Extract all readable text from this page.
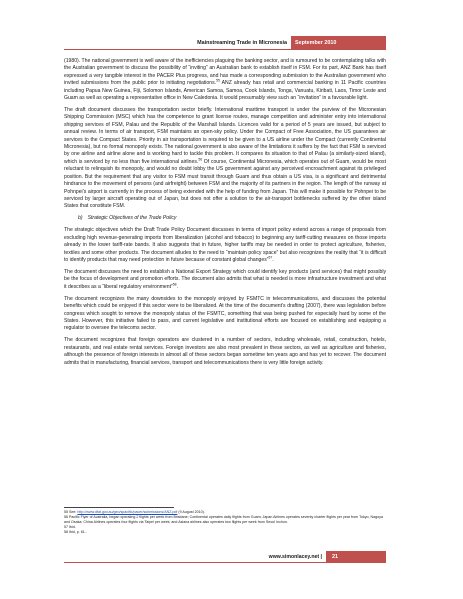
Mainstreaming Trade in Micronesia	September 2010

(1980). The national government is well aware of the inefficiencies plaguing the banking sector, and is rumoured to be contemplating talks with the Australian government to discuss the possibility of “inviting” an Australian bank to establish itself in FSM. For its part, ANZ Bank has itself expressed a very tangible interest in the PACER Plus progress, and has made a corresponding submission to the Australian government who invited submissions from the public prior to initiating negotiations.$^{55}$ ANZ already has retail and commercial banking in 11 Pacific countries including Papua New Guinea, Fiji, Solomon Islands, American Samoa, Samoa, Cook Islands, Tonga, Vanuatu, Kiribati, Laos, Timor Leste and Guam as well as operating a representative office in New Caledonia. It would presumably view such an “invitation” in a favourable light.

The draft document discusses the transportation sector briefly. International maritime transport is under the purview of the Micronesian Shipping Commission (MSC) which has the competence to grant license routes, manage competition and administer entry into international shipping services of FSM, Palau and the Republic of the Marshall Islands. Licences valid for a period of 5 years are issued, but subject to annual review. In terms of air transport, FSM maintains an open-sky policy. Under the Compact of Free Association, the US guarantees air services to the Compact States. Priority in air transportation is required to be given to a US airline under the Compact (currently Continental Micronesia), but no formal monopoly exists. The national government is also aware of the limitations it suffers by the fact that FSM is serviced by one airline and airline alone and is working hard to tackle this problem. It compares its situation to that of Palau (a similarly-sized island), which is serviced by no less than five international airlines.$^{56}$ Of course, Continental Micronesia, which operates out of Guam, would be most reluctant to relinquish its monopoly, and would no doubt lobby the US government against any perceived encroachment against its privileged position. But the requirement that any visitor to FSM must transit through Guam and thus obtain a US visa, is a significant and detrimental hindrance to the movement of persons (and airfreight) between FSM and the majority of its partners in the region. The length of the runway at Pohnpei’s airport is currently in the process of being extended with the help of funding from Japan. This will make it possible for Pohnpei to be serviced by larger aircraft operating out of Japan, but does not offer a solution to the air-transport bottlenecks suffered by the other island States that constitute FSM.

b) Strategic Objectives of the Trade Policy

The strategic objectives which the Draft Trade Policy Document discusses in terms of import policy extend across a range of proposals from excluding high revenue-generating imports from liberalization (alcohol and tobacco) to beginning any tariff-cutting measures on those imports already in the lower tariff-rate bands. It also suggests that in future, higher tariffs may be needed in order to protect agriculture, fisheries, textiles and some other products. The document alludes to the need to “maintain policy space” but also recognizes the reality that “it is difficult to identify products that may need protection in future because of constant global changes”$^{57}$.

The document discusses the need to establish a National Export Strategy which could identify key products (and services) that might possibly be the focus of development and promotion efforts. The document also admits that what is needed is more infrastructure investment and what it describes as a “liberal regulatory environment”$^{58}$.

The document recognizes the many downsides to the monopoly enjoyed by FSMTC in telecommunications, and discusses the potential benefits which could be enjoyed if this sector were to be liberalized. At the time of the document’s drafting (2007), there was legislation before congress which sought to remove the monopoly status of the FSMTC, something that was being pushed for especially hard by some of the States. However, this initiative failed to pass, and current legislative and institutional efforts are focused on establishing and equipping a regulator to oversee the telecoms sector.

The document recognizes that foreign operators are clustered in a number of sectors, including wholesale, retail, construction, hotels, restaurants, and real estate rental services. Foreign investors are also most prevalent in these sectors, as well as agriculture and fisheries, although the presence of foreign interests in almost all of these sectors began sometime ten years ago and has yet to recover. The document admits that in manufacturing, financial services, transport and telecommunications there is very little foreign activity.

55 See: http://www.dfat.gov.au/geo/spacific/pacer/submissions/ANZ.pdf (9 August 2010).

56 Pacific Flyer of Australia, began operating 2 flights per week from Brisbane; Continental operates daily flights from Guam; Japan Airlines operates seventy charter flights per year from Tokyo, Nagoya and Osaka; China Airlines operates four flights via Taipei per week; and Asiana airlines also operates two flights per week from Seoul Inchon.

57 Ibid.

58 Ibid, p. 61..

www.simonlacey.net |	21
